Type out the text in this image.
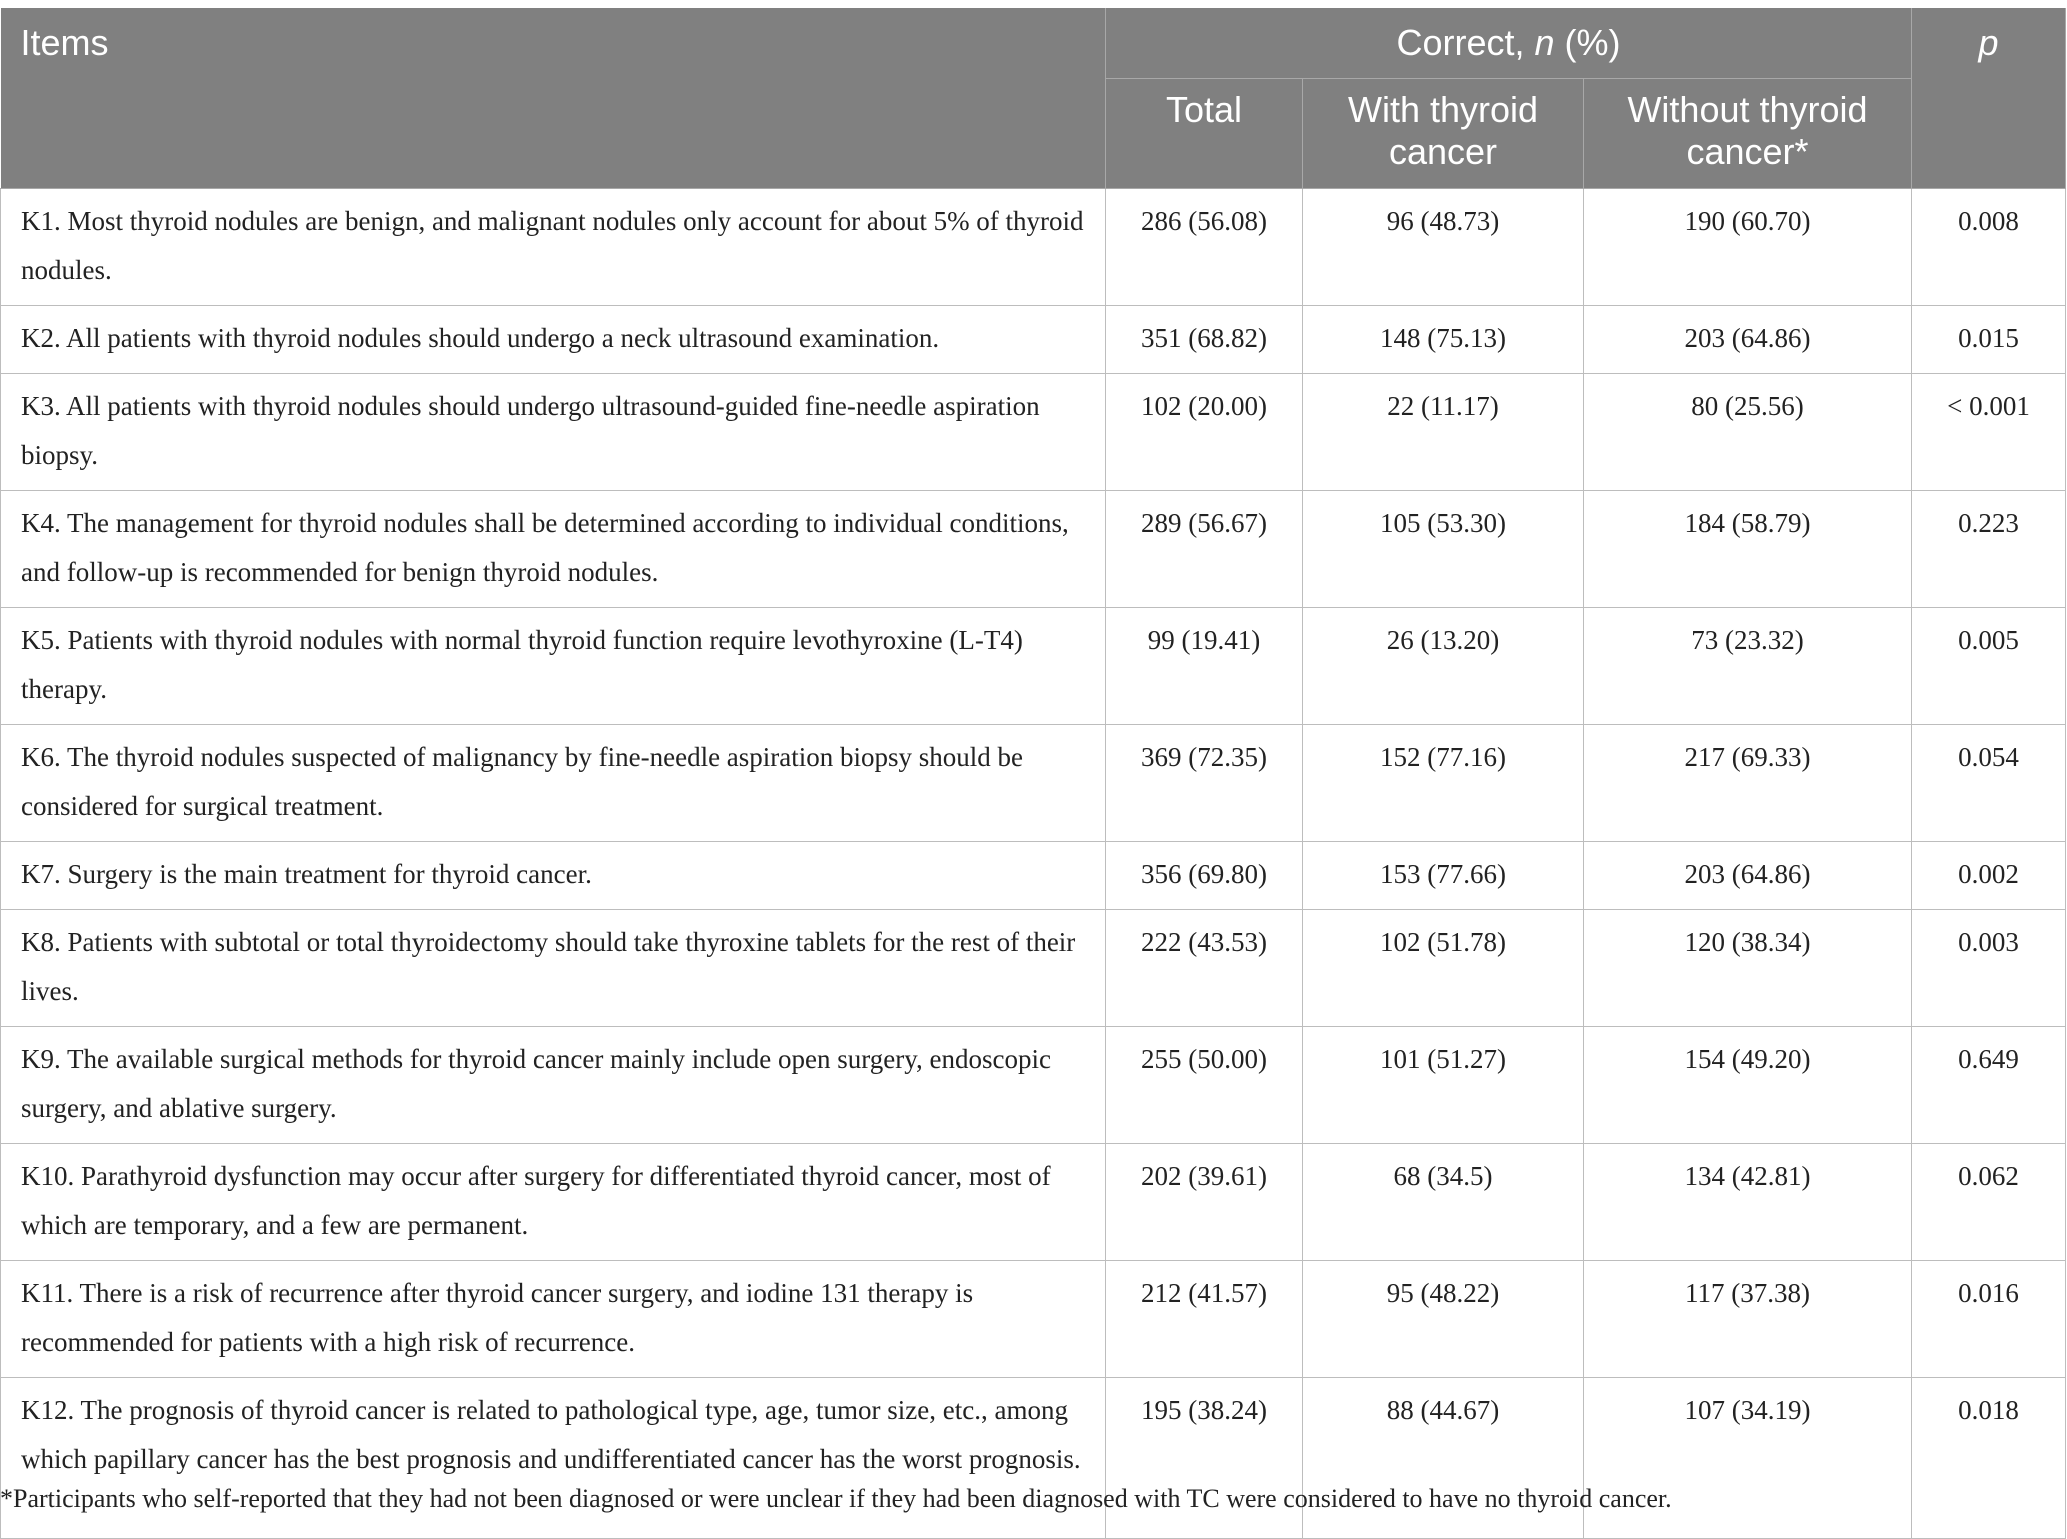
Items	Correct, n (%)			p
	Total	With thyroid cancer	Without thyroid cancer*	
K1. Most thyroid nodules are benign, and malignant nodules only account for about 5% of thyroid nodules.	286 (56.08)	96 (48.73)	190 (60.70)	0.008
K2. All patients with thyroid nodules should undergo a neck ultrasound examination.	351 (68.82)	148 (75.13)	203 (64.86)	0.015
K3. All patients with thyroid nodules should undergo ultrasound-guided fine-needle aspiration biopsy.	102 (20.00)	22 (11.17)	80 (25.56)	< 0.001
K4. The management for thyroid nodules shall be determined according to individual conditions, and follow-up is recommended for benign thyroid nodules.	289 (56.67)	105 (53.30)	184 (58.79)	0.223
K5. Patients with thyroid nodules with normal thyroid function require levothyroxine (L-T4) therapy.	99 (19.41)	26 (13.20)	73 (23.32)	0.005
K6. The thyroid nodules suspected of malignancy by fine-needle aspiration biopsy should be considered for surgical treatment.	369 (72.35)	152 (77.16)	217 (69.33)	0.054
K7. Surgery is the main treatment for thyroid cancer.	356 (69.80)	153 (77.66)	203 (64.86)	0.002
K8. Patients with subtotal or total thyroidectomy should take thyroxine tablets for the rest of their lives.	222 (43.53)	102 (51.78)	120 (38.34)	0.003
K9. The available surgical methods for thyroid cancer mainly include open surgery, endoscopic surgery, and ablative surgery.	255 (50.00)	101 (51.27)	154 (49.20)	0.649
K10. Parathyroid dysfunction may occur after surgery for differentiated thyroid cancer, most of which are temporary, and a few are permanent.	202 (39.61)	68 (34.5)	134 (42.81)	0.062
K11. There is a risk of recurrence after thyroid cancer surgery, and iodine 131 therapy is recommended for patients with a high risk of recurrence.	212 (41.57)	95 (48.22)	117 (37.38)	0.016
K12. The prognosis of thyroid cancer is related to pathological type, age, tumor size, etc., among which papillary cancer has the best prognosis and undifferentiated cancer has the worst prognosis.	195 (38.24)	88 (44.67)	107 (34.19)	0.018
*Participants who self-reported that they had not been diagnosed or were unclear if they had been diagnosed with TC were considered to have no thyroid cancer.
